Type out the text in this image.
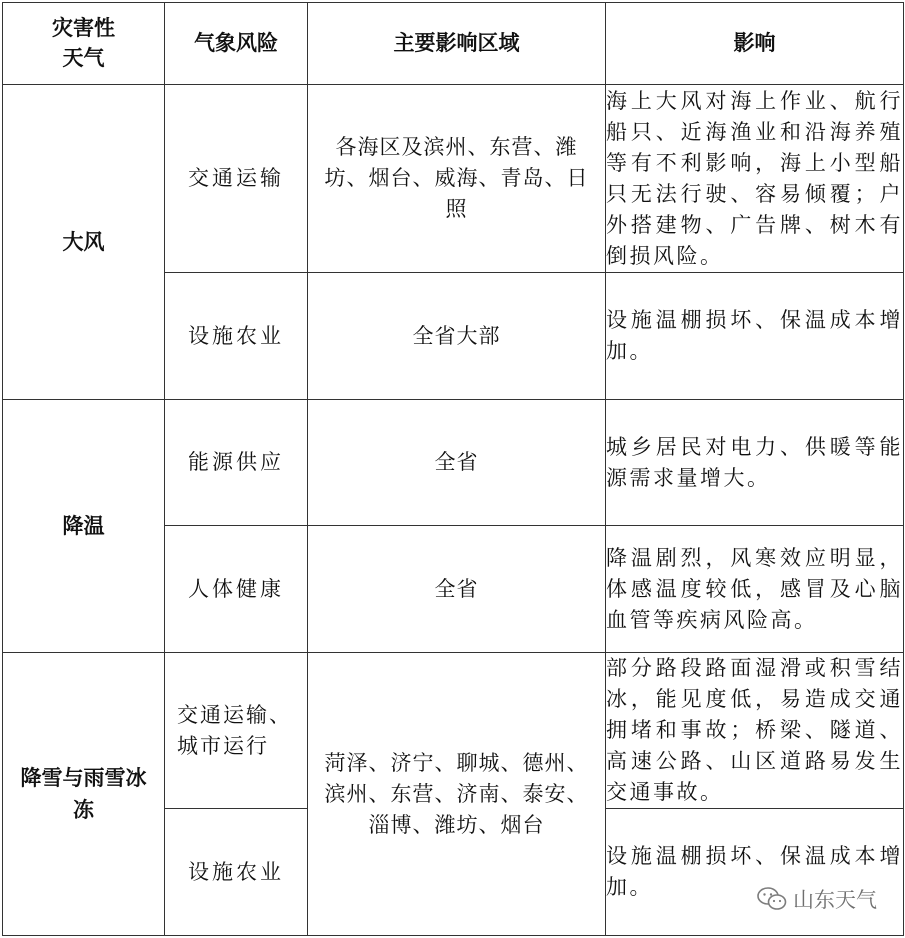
灾害性
天气	气象风险	主要影响区域	影响
大风	交通运输	各海区及滨州、东营、潍坊、烟台、威海、青岛、日照	海上大风对海上作业、航行船只、近海渔业和沿海养殖等有不利影响，海上小型船只无法行驶、容易倾覆；户外搭建物、广告牌、树木有倒损风险。
	设施农业	全省大部	设施温棚损坏、保温成本增加。
降温	能源供应	全省	城乡居民对电力、供暖等能源需求量增大。
	人体健康	全省	降温剧烈，风寒效应明显，体感温度较低，感冒及心脑血管等疾病风险高。
降雪与雨雪冰冻	交通运输、城市运行	菏泽、济宁、聊城、德州、滨州、东营、济南、泰安、淄博、潍坊、烟台	部分路段路面湿滑或积雪结冰，能见度低，易造成交通拥堵和事故；桥梁、隧道、高速公路、山区道路易发生交通事故。
	设施农业		设施温棚损坏、保温成本增加。
山东天气
